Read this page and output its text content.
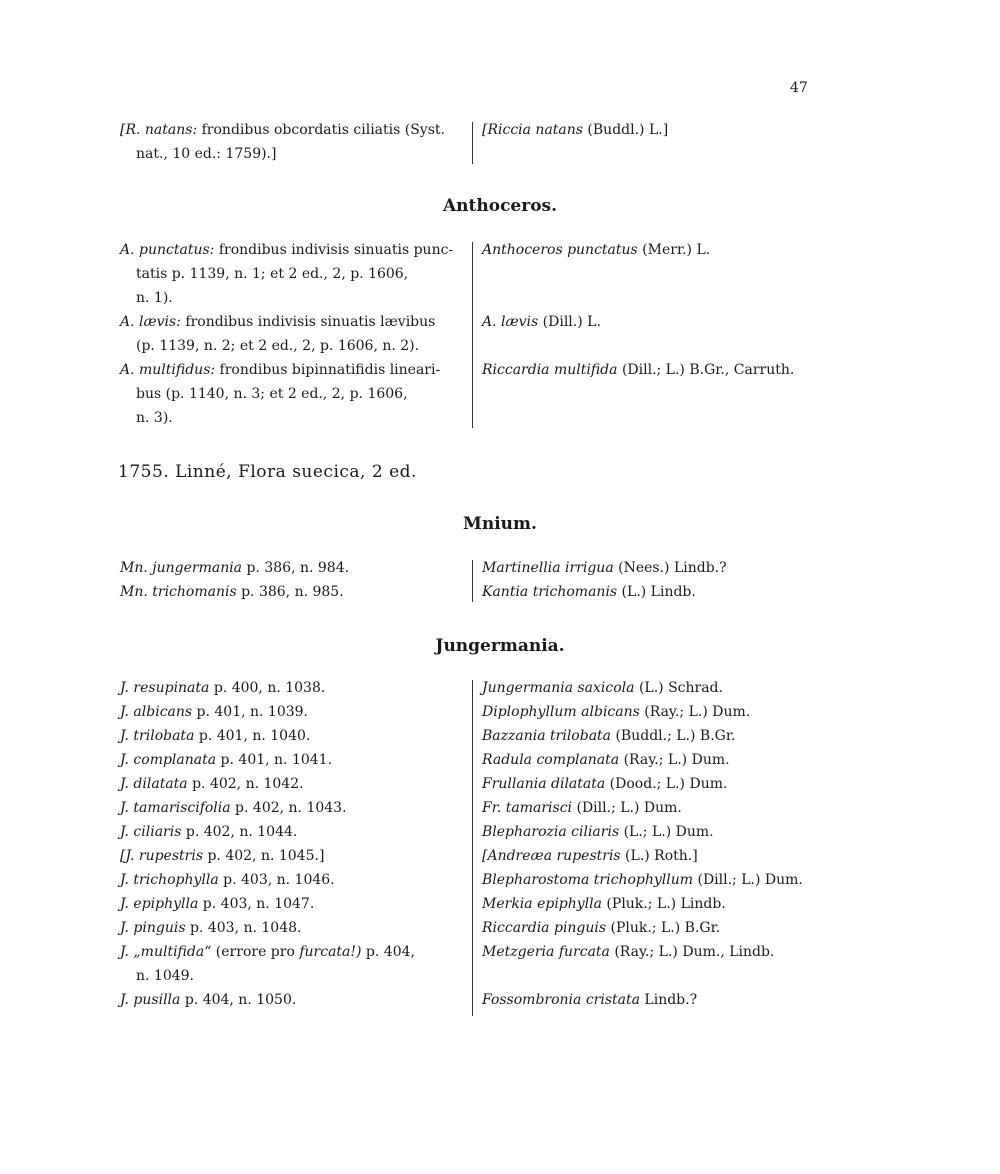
47
[R. natans: frondibus obcordatis ciliatis (Syst.
nat., 10 ed.: 1759).]
[Riccia natans (Buddl.) L.]
Anthoceros.
A. punctatus: frondibus indivisis sinuatis punc-
tatis p. 1139, n. 1; et 2 ed., 2, p. 1606,
n. 1).
A. lævis: frondibus indivisis sinuatis lævibus
(p. 1139, n. 2; et 2 ed., 2, p. 1606, n. 2).
A. multifidus: frondibus bipinnatifidis lineari-
bus (p. 1140, n. 3; et 2 ed., 2, p. 1606,
n. 3).
Anthoceros punctatus (Merr.) L.
A. lævis (Dill.) L.
Riccardia multifida (Dill.; L.) B.Gr., Carruth.
1755. Linné, Flora suecica, 2 ed.
Mnium.
Mn. jungermania p. 386, n. 984.
Mn. trichomanis p. 386, n. 985.
Martinellia irrigua (Nees.) Lindb.?
Kantia trichomanis (L.) Lindb.
Jungermania.
J. resupinata p. 400, n. 1038.
J. albicans p. 401, n. 1039.
J. trilobata p. 401, n. 1040.
J. complanata p. 401, n. 1041.
J. dilatata p. 402, n. 1042.
J. tamariscifolia p. 402, n. 1043.
J. ciliaris p. 402, n. 1044.
[J. rupestris p. 402, n. 1045.]
J. trichophylla p. 403, n. 1046.
J. epiphylla p. 403, n. 1047.
J. pinguis p. 403, n. 1048.
J. „multifida“ (errore pro furcata!) p. 404,
n. 1049.
J. pusilla p. 404, n. 1050.
Jungermania saxicola (L.) Schrad.
Diplophyllum albicans (Ray.; L.) Dum.
Bazzania trilobata (Buddl.; L.) B.Gr.
Radula complanata (Ray.; L.) Dum.
Frullania dilatata (Dood.; L.) Dum.
Fr. tamarisci (Dill.; L.) Dum.
Blepharozia ciliaris (L.; L.) Dum.
[Andreæa rupestris (L.) Roth.]
Blepharostoma trichophyllum (Dill.; L.) Dum.
Merkia epiphylla (Pluk.; L.) Lindb.
Riccardia pinguis (Pluk.; L.) B.Gr.
Metzgeria furcata (Ray.; L.) Dum., Lindb.

Fossombronia cristata Lindb.?
